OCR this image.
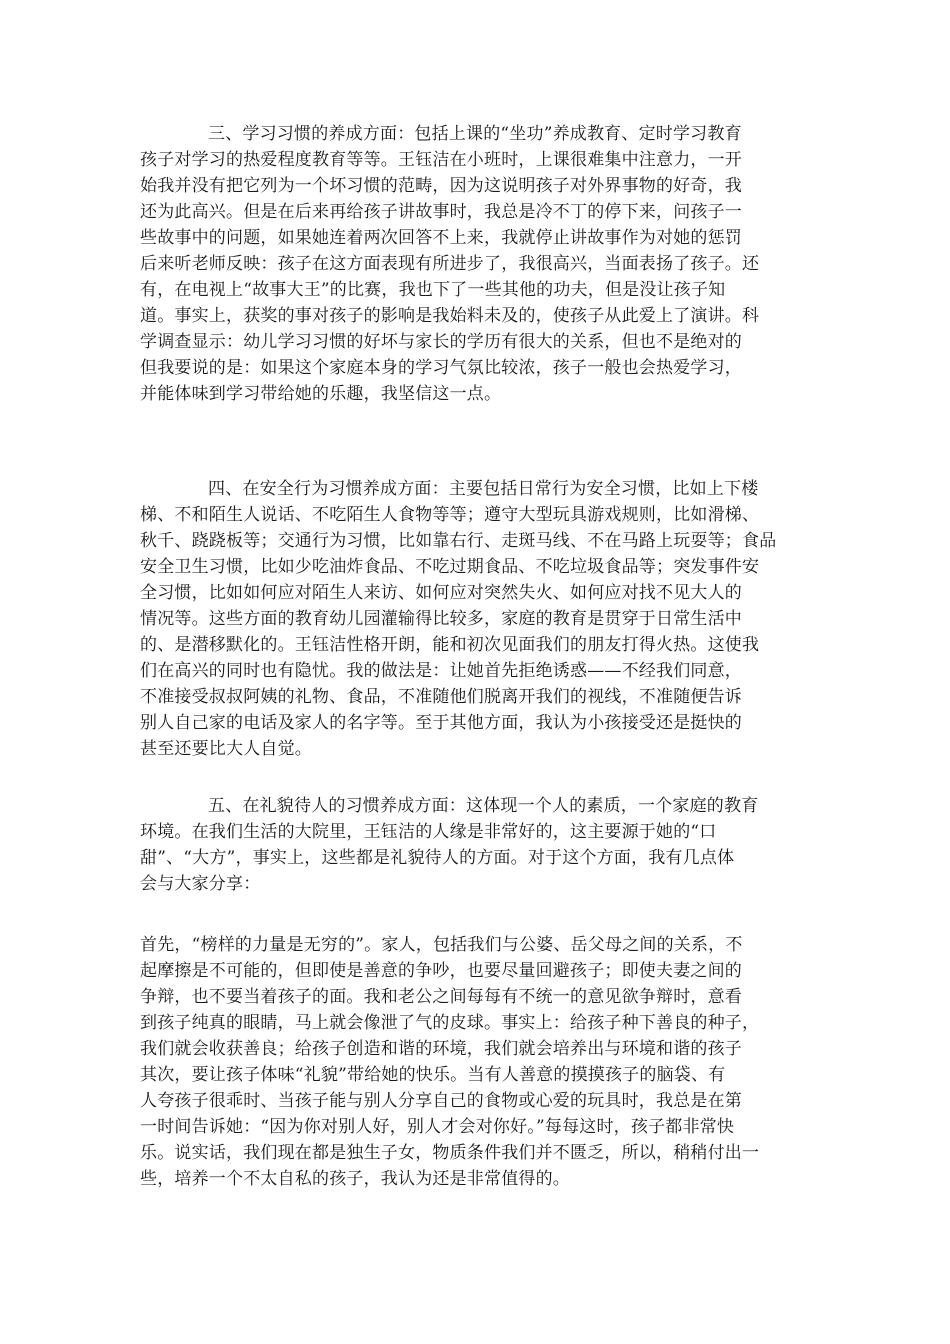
三、学习习惯的养成方面：包括上课的“坐功”养成教育、定时学习教育
孩子对学习的热爱程度教育等等。王钰洁在小班时，上课很难集中注意力，一开
始我并没有把它列为一个坏习惯的范畴，因为这说明孩子对外界事物的好奇，我
还为此高兴。但是在后来再给孩子讲故事时，我总是冷不丁的停下来，问孩子一
些故事中的问题，如果她连着两次回答不上来，我就停止讲故事作为对她的惩罚
后来听老师反映：孩子在这方面表现有所进步了，我很高兴，当面表扬了孩子。还
有，在电视上“故事大王”的比赛，我也下了一些其他的功夫，但是没让孩子知
道。事实上，获奖的事对孩子的影响是我始料未及的，使孩子从此爱上了演讲。科
学调查显示：幼儿学习习惯的好坏与家长的学历有很大的关系，但也不是绝对的
但我要说的是：如果这个家庭本身的学习气氛比较浓，孩子一般也会热爱学习，
并能体味到学习带给她的乐趣，我坚信这一点。
四、在安全行为习惯养成方面：主要包括日常行为安全习惯，比如上下楼
梯、不和陌生人说话、不吃陌生人食物等等；遵守大型玩具游戏规则，比如滑梯、
秋千、跷跷板等；交通行为习惯，比如靠右行、走斑马线、不在马路上玩耍等；食品
安全卫生习惯，比如少吃油炸食品、不吃过期食品、不吃垃圾食品等；突发事件安
全习惯，比如如何应对陌生人来访、如何应对突然失火、如何应对找不见大人的
情况等。这些方面的教育幼儿园灌输得比较多，家庭的教育是贯穿于日常生活中
的、是潜移默化的。王钰洁性格开朗，能和初次见面我们的朋友打得火热。这使我
们在高兴的同时也有隐忧。我的做法是：让她首先拒绝诱惑——不经我们同意，
不准接受叔叔阿姨的礼物、食品，不准随他们脱离开我们的视线，不准随便告诉
别人自己家的电话及家人的名字等。至于其他方面，我认为小孩接受还是挺快的
甚至还要比大人自觉。
五、在礼貌待人的习惯养成方面：这体现一个人的素质，一个家庭的教育
环境。在我们生活的大院里，王钰洁的人缘是非常好的，这主要源于她的“口
甜”、“大方”，事实上，这些都是礼貌待人的方面。对于这个方面，我有几点体
会与大家分享：
首先，“榜样的力量是无穷的”。家人，包括我们与公婆、岳父母之间的关系，不
起摩擦是不可能的，但即使是善意的争吵，也要尽量回避孩子；即使夫妻之间的
争辩，也不要当着孩子的面。我和老公之间每每有不统一的意见欲争辩时，意看
到孩子纯真的眼睛，马上就会像泄了气的皮球。事实上：给孩子种下善良的种子，
我们就会收获善良；给孩子创造和谐的环境，我们就会培养出与环境和谐的孩子
其次，要让孩子体味“礼貌”带给她的快乐。当有人善意的摸摸孩子的脑袋、有
人夸孩子很乖时、当孩子能与别人分享自己的食物或心爱的玩具时，我总是在第
一时间告诉她：“因为你对别人好，别人才会对你好。”每每这时，孩子都非常快
乐。说实话，我们现在都是独生子女，物质条件我们并不匮乏，所以，稍稍付出一
些，培养一个不太自私的孩子，我认为还是非常值得的。
